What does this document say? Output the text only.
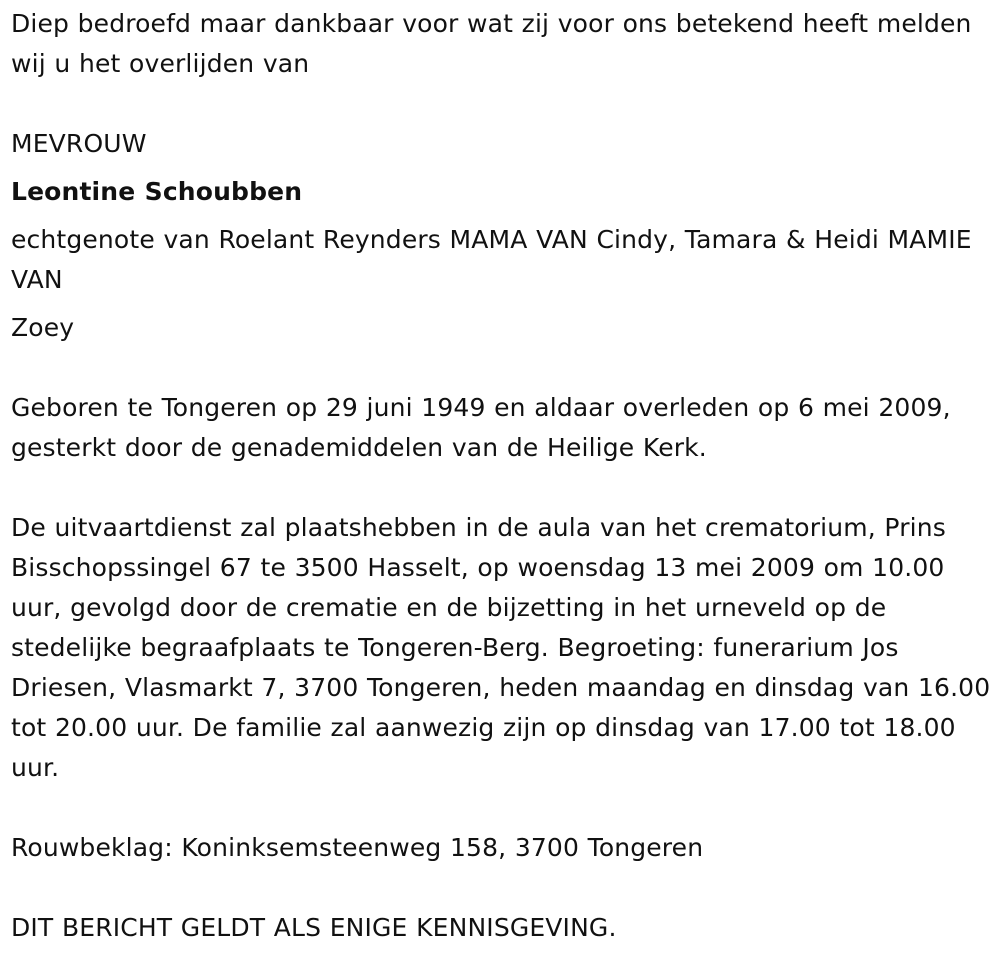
Diep bedroefd maar dankbaar voor wat zij voor ons betekend heeft melden wij u het overlijden van

MEVROUW

Leontine Schoubben

echtgenote van Roelant Reynders MAMA VAN Cindy, Tamara & Heidi MAMIE VAN

Zoey

Geboren te Tongeren op 29 juni 1949 en aldaar overleden op 6 mei 2009, gesterkt door de genademiddelen van de Heilige Kerk.

De uitvaartdienst zal plaatshebben in de aula van het crematorium, Prins Bisschopssingel 67 te 3500 Hasselt, op woensdag 13 mei 2009 om 10.00 uur, gevolgd door de crematie en de bijzetting in het urneveld op de stedelijke begraafplaats te Tongeren-Berg. Begroeting: funerarium Jos Driesen, Vlasmarkt 7, 3700 Tongeren, heden maandag en dinsdag van 16.00 tot 20.00 uur. De familie zal aanwezig zijn op dinsdag van 17.00 tot 18.00 uur.

Rouwbeklag: Koninksemsteenweg 158, 3700 Tongeren

DIT BERICHT GELDT ALS ENIGE KENNISGEVING.
